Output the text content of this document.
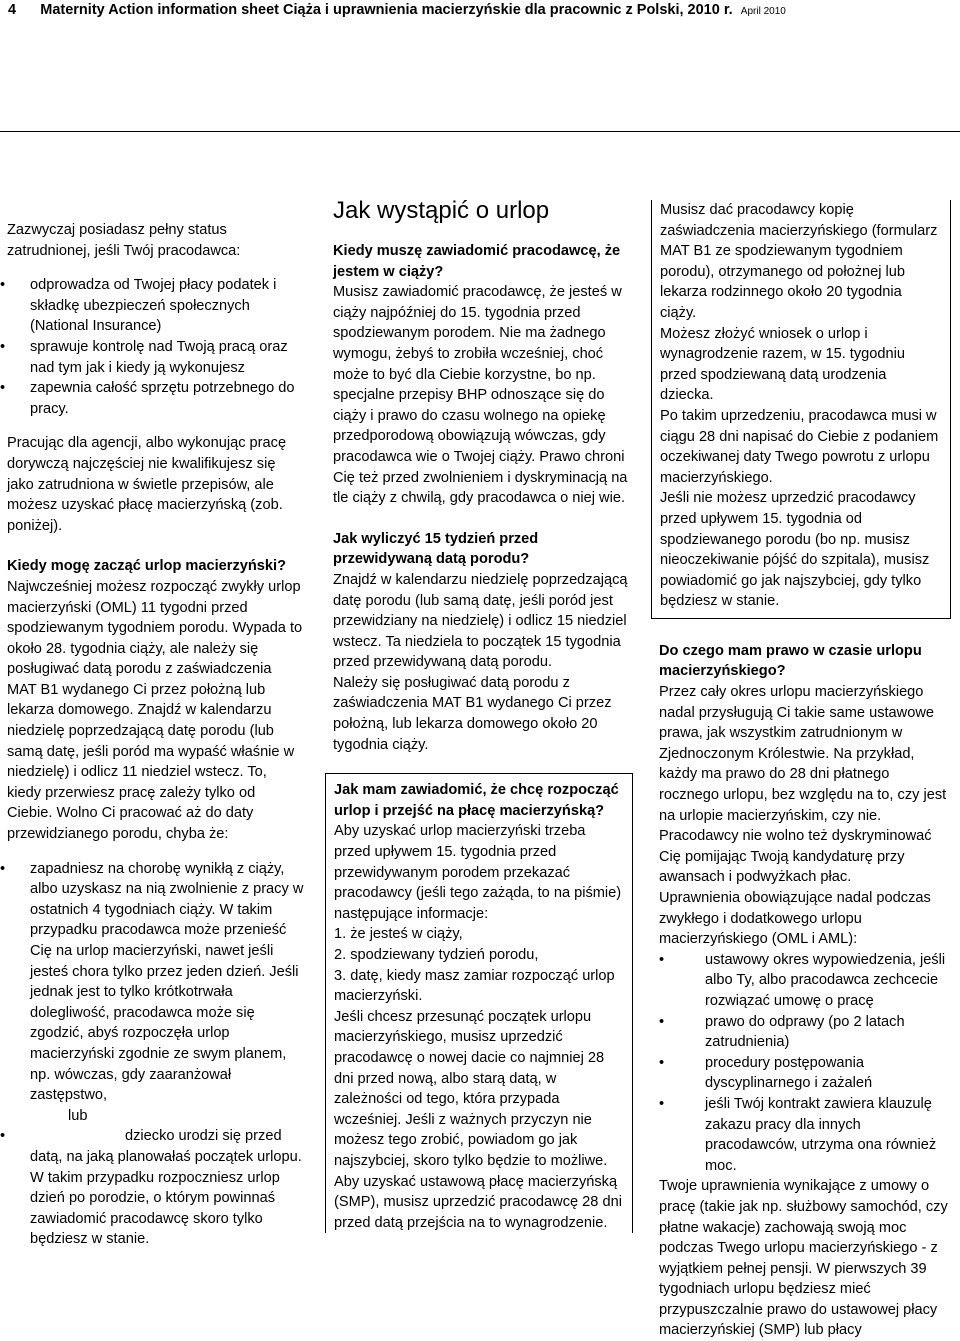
4 Maternity Action information sheet Ciąża i uprawnienia macierzyńskie dla pracownic z Polski, 2010 r. April 2010

Zazwyczaj posiadasz pełny status zatrudnionej, jeśli Twój pracodawca:

• odprowadza od Twojej płacy podatek i składkę ubezpieczeń społecznych (National Insurance)
• sprawuje kontrolę nad Twoją pracą oraz nad tym jak i kiedy ją wykonujesz
• zapewnia całość sprzętu potrzebnego do pracy.

Pracując dla agencji, albo wykonując pracę dorywczą najczęściej nie kwalifikujesz się jako zatrudniona w świetle przepisów, ale możesz uzyskać płacę macierzyńską (zob. poniżej).

Kiedy mogę zacząć urlop macierzyński?

Najwcześniej możesz rozpocząć zwykły urlop macierzyński (OML) 11 tygodni przed spodziewanym tygodniem porodu. Wypada to około 28. tygodnia ciąży, ale należy się posługiwać datą porodu z zaświadczenia MAT B1 wydanego Ci przez położną lub lekarza domowego. Znajdź w kalendarzu niedzielę poprzedzającą datę porodu (lub samą datę, jeśli poród ma wypaść właśnie w niedzielę) i odlicz 11 niedziel wstecz. To, kiedy przerwiesz pracę zależy tylko od Ciebie. Wolno Ci pracować aż do daty przewidzianego porodu, chyba że:

• zapadniesz na chorobę wynikłą z ciąży, albo uzyskasz na nią zwolnienie z pracy w ostatnich 4 tygodniach ciąży. W takim przypadku pracodawca może przenieść Cię na urlop macierzyński, nawet jeśli jesteś chora tylko przez jeden dzień. Jeśli jednak jest to tylko krótkotrwała dolegliwość, pracodawca może się zgodzić, abyś rozpoczęła urlop macierzyński zgodnie ze swym planem, np. wówczas, gdy zaaranżował zastępstwo,

lub

•	dziecko urodzi się przed datą, na jaką planowałaś początek urlopu. W takim przypadku rozpoczniesz urlop dzień po porodzie, o którym powinnaś zawiadomić pracodawcę skoro tylko będziesz w stanie.
Jak wystąpić o urlop

Kiedy muszę zawiadomić pracodawcę, że jestem w ciąży?

Musisz zawiadomić pracodawcę, że jesteś w ciąży najpóźniej do 15. tygodnia przed spodziewanym porodem. Nie ma żadnego wymogu, żebyś to zrobiła wcześniej, choć może to być dla Ciebie korzystne, bo np. specjalne przepisy BHP odnoszące się do ciąży i prawo do czasu wolnego na opiekę przedporodową obowiązują wówczas, gdy pracodawca wie o Twojej ciąży. Prawo chroni Cię też przed zwolnieniem i dyskryminacją na tle ciąży z chwilą, gdy pracodawca o niej wie.

Jak wyliczyć 15 tydzień przed przewidywaną datą porodu?

Znajdź w kalendarzu niedzielę poprzedzającą datę porodu (lub samą datę, jeśli poród jest przewidziany na niedzielę) i odlicz 15 niedziel wstecz. Ta niedziela to początek 15 tygodnia przed przewidywaną datą porodu.

Należy się posługiwać datą porodu z zaświadczenia MAT B1 wydanego Ci przez położną, lub lekarza domowego około 20 tygodnia ciąży.

Jak mam zawiadomić, że chcę rozpocząć urlop i przejść na płacę macierzyńską?

Aby uzyskać urlop macierzyński trzeba przed upływem 15. tygodnia przed przewidywanym porodem przekazać pracodawcy (jeśli tego zażąda, to na piśmie) następujące informacje:

1. że jesteś w ciąży,

2. spodziewany tydzień porodu,

3. datę, kiedy masz zamiar rozpocząć urlop macierzyński.

Jeśli chcesz przesunąć początek urlopu macierzyńskiego, musisz uprzedzić pracodawcę o nowej dacie co najmniej 28 dni przed nową, albo starą datą, w zależności od tego, która przypada wcześniej. Jeśli z ważnych przyczyn nie możesz tego zrobić, powiadom go jak najszybciej, skoro tylko będzie to możliwe.

Aby uzyskać ustawową płacę macierzyńską (SMP), musisz uprzedzić pracodawcę 28 dni przed datą przejścia na to wynagrodzenie.

Musisz dać pracodawcy kopię zaświadczenia macierzyńskiego (formularz MAT B1 ze spodziewanym tygodniem porodu), otrzymanego od położnej lub lekarza rodzinnego około 20 tygodnia ciąży.

Możesz złożyć wniosek o urlop i wynagrodzenie razem, w 15. tygodniu przed spodziewaną datą urodzenia dziecka.

Po takim uprzedzeniu, pracodawca musi w ciągu 28 dni napisać do Ciebie z podaniem oczekiwanej daty Twego powrotu z urlopu macierzyńskiego.

Jeśli nie możesz uprzedzić pracodawcy przed upływem 15. tygodnia od spodziewanego porodu (bo np. musisz nieoczekiwanie pójść do szpitala), musisz powiadomić go jak najszybciej, gdy tylko będziesz w stanie.

Do czego mam prawo w czasie urlopu macierzyńskiego?

Przez cały okres urlopu macierzyńskiego nadal przysługują Ci takie same ustawowe prawa, jak wszystkim zatrudnionym w Zjednoczonym Królestwie. Na przykład, każdy ma prawo do 28 dni płatnego rocznego urlopu, bez względu na to, czy jest na urlopie macierzyńskim, czy nie.

Pracodawcy nie wolno też dyskryminować Cię pomijając Twoją kandydaturę przy awansach i podwyżkach płac.

Uprawnienia obowiązujące nadal podczas zwykłego i dodatkowego urlopu macierzyńskiego (OML i AML):

•	ustawowy okres wypowiedzenia, jeśli albo Ty, albo pracodawca zechcecie rozwiązać umowę o pracę
•	prawo do odprawy (po 2 latach zatrudnienia)
•	procedury postępowania dyscyplinarnego i zażaleń
•	jeśli Twój kontrakt zawiera klauzulę zakazu pracy dla innych pracodawców, utrzyma ona również moc.

Twoje uprawnienia wynikające z umowy o pracę (takie jak np. służbowy samochód, czy płatne wakacje) zachowają swoją moc podczas Twego urlopu macierzyńskiego - z wyjątkiem pełnej pensji. W pierwszych 39 tygodniach urlopu będziesz mieć przypuszczalnie prawo do ustawowej płacy macierzyńskiej (SMP) lub płacy
